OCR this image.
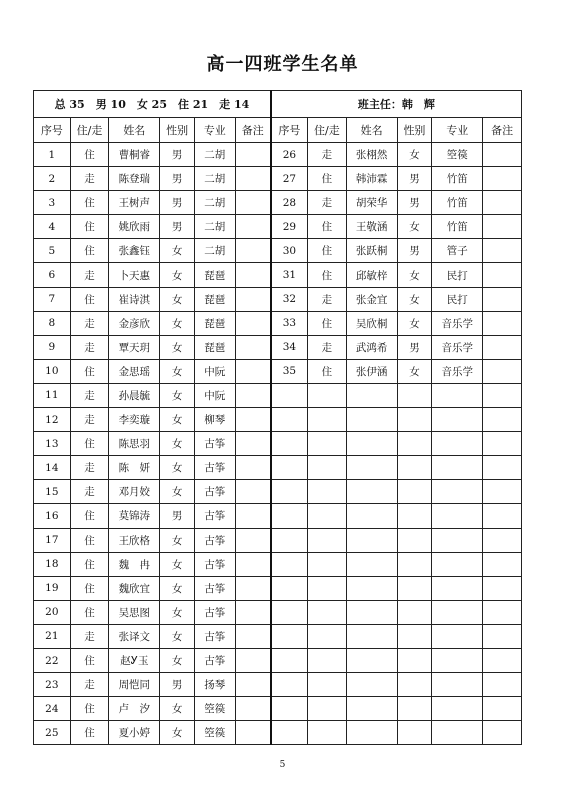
高一四班学生名单
总 35　男 10　女 25　住 21　走 14						班主任：韩　辉					
序号	住/走	姓名	性别	专业	备注	序号	住/走	姓名	性别	专业	备注
1	住	曹桐睿	男	二胡		26	走	张栩然	女	箜篌	
2	走	陈登瑞	男	二胡		27	住	韩沛霖	男	竹笛	
3	住	王树声	男	二胡		28	走	胡荣华	男	竹笛	
4	住	姚欣雨	男	二胡		29	住	王敬涵	女	竹笛	
5	住	张鑫钰	女	二胡		30	住	张跃桐	男	管子	
6	走	卜天惠	女	琵琶		31	住	邱敏梓	女	民打	
7	住	崔诗淇	女	琵琶		32	走	张金宜	女	民打	
8	走	金彦欣	女	琵琶		33	住	吴欣桐	女	音乐学	
9	走	覃天玥	女	琵琶		34	走	武鸿希	男	音乐学	
10	住	金思瑶	女	中阮		35	住	张伊涵	女	音乐学	
11	走	孙晨毓	女	中阮							
12	走	李奕璇	女	柳琴							
13	住	陈思羽	女	古筝							
14	走	陈　妍	女	古筝							
15	走	邓月姣	女	古筝							
16	住	莫锦涛	男	古筝							
17	住	王欣格	女	古筝							
18	住	魏　冉	女	古筝							
19	住	魏欣宜	女	古筝							
20	住	吴思图	女	古筝							
21	走	张译文	女	古筝							
22	住	赵Ꭹ玉	女	古筝							
23	走	周恺同	男	扬琴							
24	住	卢　汐	女	箜篌							
25	住	夏小婷	女	箜篌							
5
